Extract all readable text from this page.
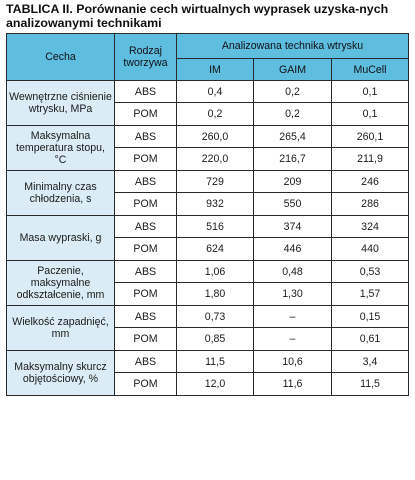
TABLICA II. Porównanie cech wirtualnych wyprasek uzyska-nych analizowanymi technikami
Cecha	Rodzaj tworzywa	Analizowana technika wtrysku		
		IM	GAIM	MuCell
Wewnętrzne ciśnienie wtrysku, MPa	ABS	0,4	0,2	0,1
	POM	0,2	0,2	0,1
Maksymalna temperatura stopu, °C	ABS	260,0	265,4	260,1
	POM	220,0	216,7	211,9
Minimalny czas chłodzenia, s	ABS	729	209	246
	POM	932	550	286
Masa wypraski, g	ABS	516	374	324
	POM	624	446	440
Paczenie, maksymalne odkształcenie, mm	ABS	1,06	0,48	0,53
	POM	1,80	1,30	1,57
Wielkość zapadnięć, mm	ABS	0,73	–	0,15
	POM	0,85	–	0,61
Maksymalny skurcz objętościowy, %	ABS	11,5	10,6	3,4
	POM	12,0	11,6	11,5
